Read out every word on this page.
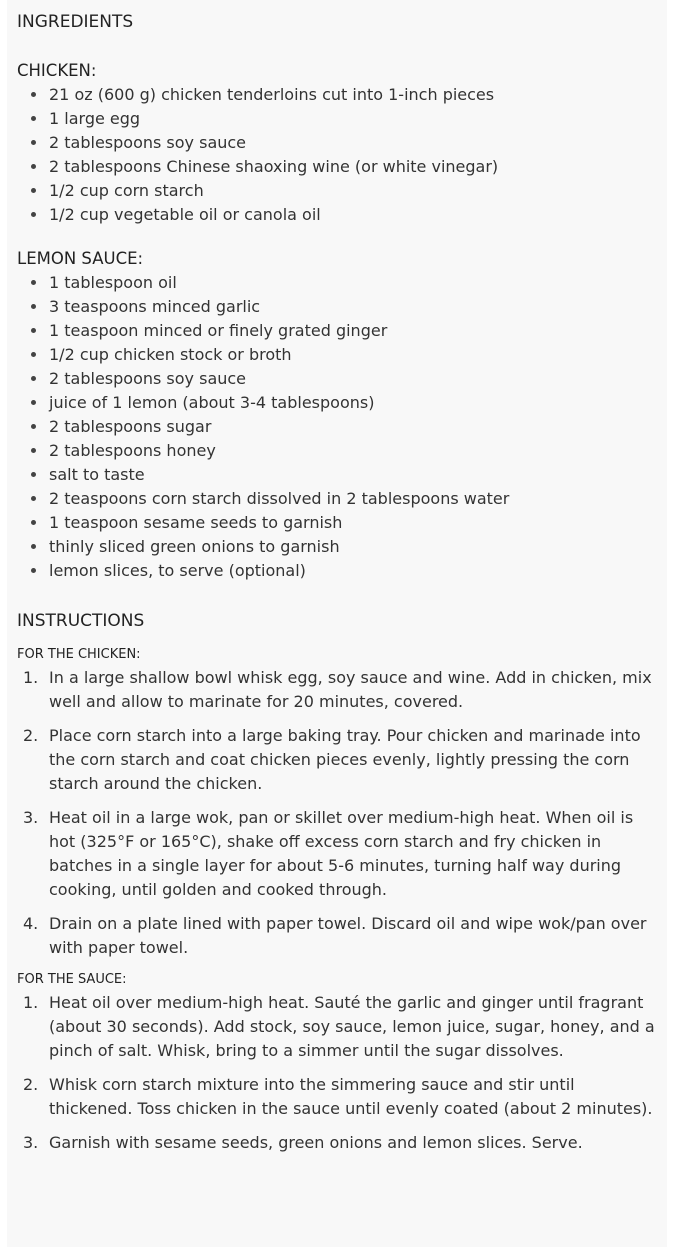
INGREDIENTS
CHICKEN:
21 oz (600 g) chicken tenderloins cut into 1-inch pieces
1 large egg
2 tablespoons soy sauce
2 tablespoons Chinese shaoxing wine (or white vinegar)
1/2 cup corn starch
1/2 cup vegetable oil or canola oil
LEMON SAUCE:
1 tablespoon oil
3 teaspoons minced garlic
1 teaspoon minced or finely grated ginger
1/2 cup chicken stock or broth
2 tablespoons soy sauce
juice of 1 lemon (about 3-4 tablespoons)
2 tablespoons sugar
2 tablespoons honey
salt to taste
2 teaspoons corn starch dissolved in 2 tablespoons water
1 teaspoon sesame seeds to garnish
thinly sliced green onions to garnish
lemon slices, to serve (optional)
INSTRUCTIONS

FOR THE CHICKEN:

1. In a large shallow bowl whisk egg, soy sauce and wine. Add in chicken, mix well and allow to marinate for 20 minutes, covered.
2. Place corn starch into a large baking tray. Pour chicken and marinade into the corn starch and coat chicken pieces evenly, lightly pressing the corn starch around the chicken.
3. Heat oil in a large wok, pan or skillet over medium-high heat. When oil is hot (325°F or 165°C), shake off excess corn starch and fry chicken in batches in a single layer for about 5-6 minutes, turning half way during cooking, until golden and cooked through.
4. Drain on a plate lined with paper towel. Discard oil and wipe wok/pan over with paper towel.

FOR THE SAUCE:

1. Heat oil over medium-high heat. Sauté the garlic and ginger until fragrant (about 30 seconds). Add stock, soy sauce, lemon juice, sugar, honey, and a pinch of salt. Whisk, bring to a simmer until the sugar dissolves.
2. Whisk corn starch mixture into the simmering sauce and stir until thickened. Toss chicken in the sauce until evenly coated (about 2 minutes).
3. Garnish with sesame seeds, green onions and lemon slices. Serve.
